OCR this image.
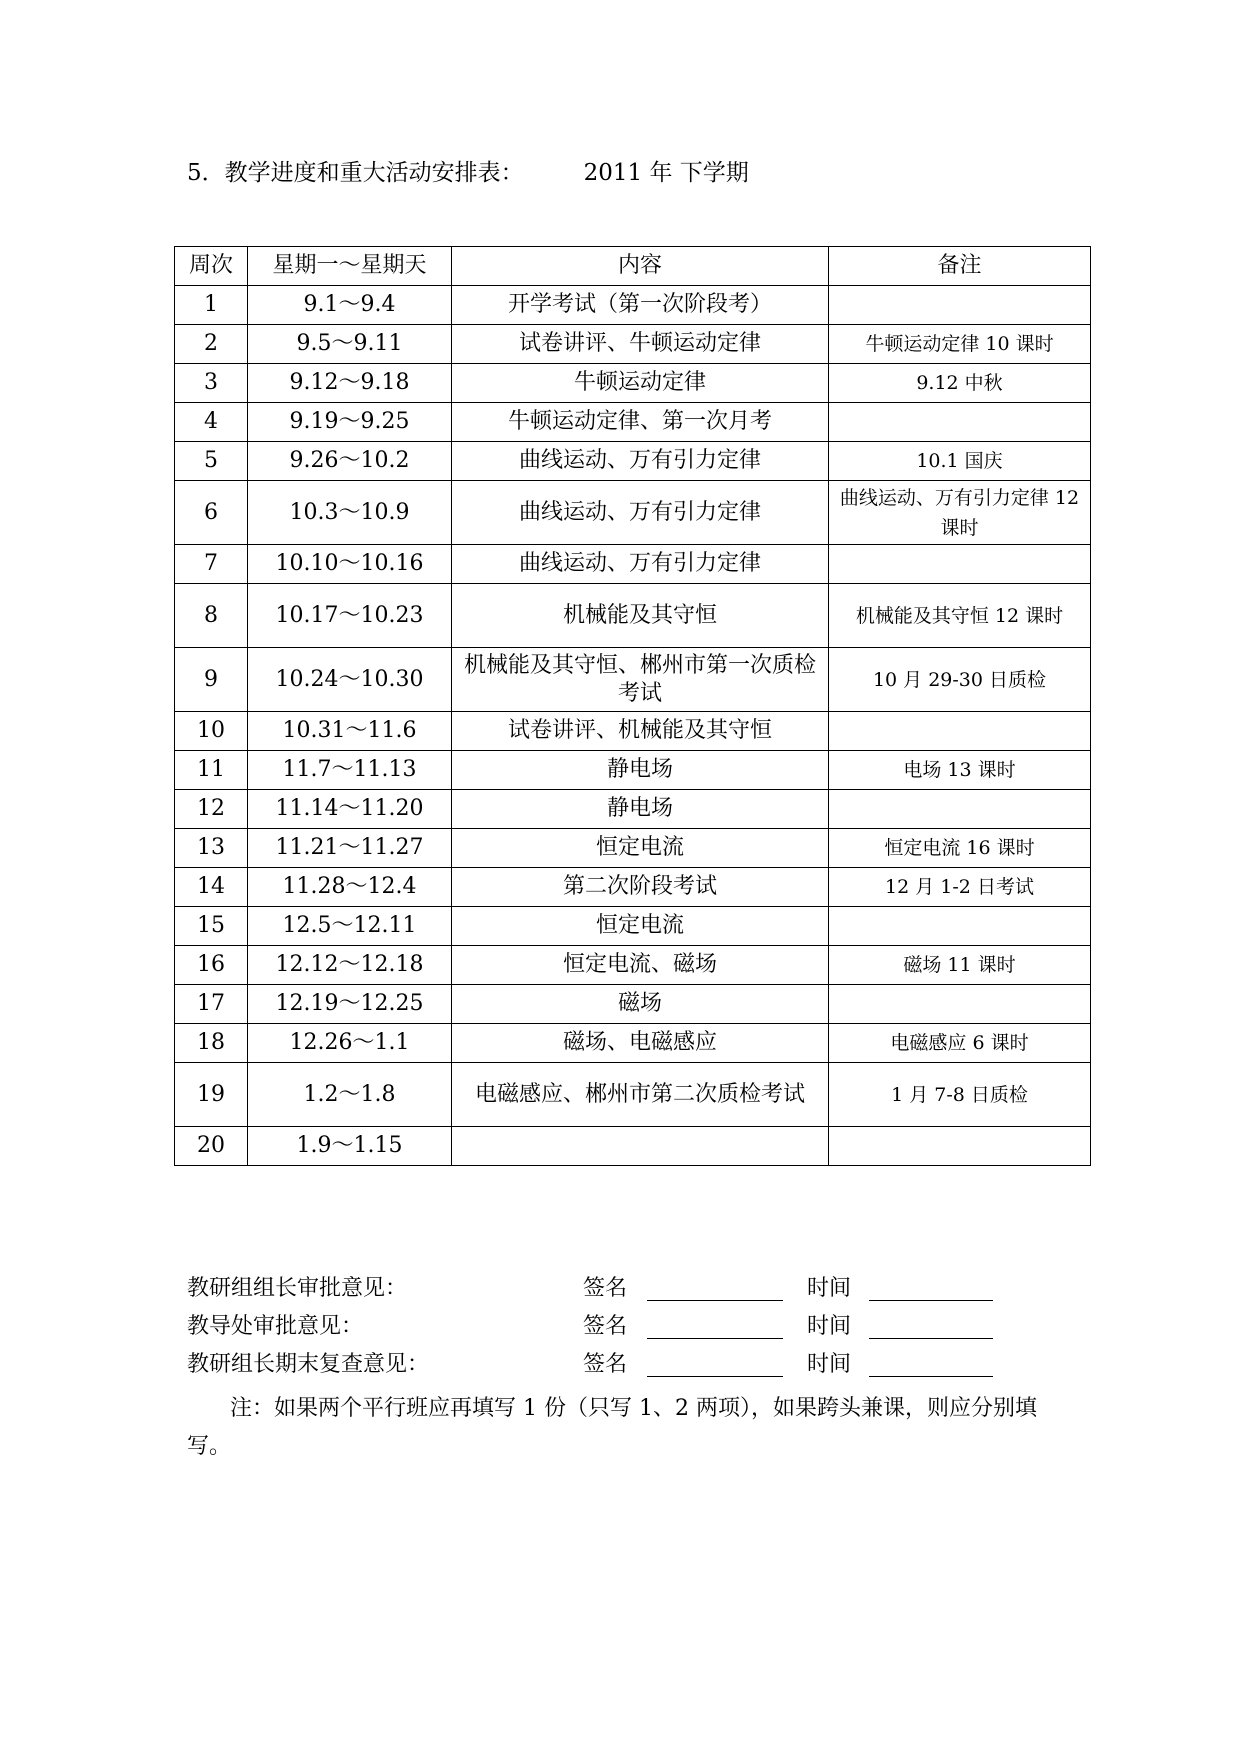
5．教学进度和重大活动安排表：	2011 年 下学期
周次	星期一～星期天	内容	备注
1	9.1～9.4	开学考试（第一次阶段考）	
2	9.5～9.11	试卷讲评、牛顿运动定律	牛顿运动定律 10 课时
3	9.12～9.18	牛顿运动定律	9.12 中秋
4	9.19～9.25	牛顿运动定律、第一次月考	
5	9.26～10.2	曲线运动、万有引力定律	10.1 国庆
6	10.3～10.9	曲线运动、万有引力定律	曲线运动、万有引力定律 12 课时
7	10.10～10.16	曲线运动、万有引力定律	
8	10.17～10.23	机械能及其守恒	机械能及其守恒 12 课时
9	10.24～10.30	机械能及其守恒、郴州市第一次质检考试	10 月 29-30 日质检
10	10.31～11.6	试卷讲评、机械能及其守恒	
11	11.7～11.13	静电场	电场 13 课时
12	11.14～11.20	静电场	
13	11.21～11.27	恒定电流	恒定电流 16 课时
14	11.28～12.4	第二次阶段考试	12 月 1-2 日考试
15	12.5～12.11	恒定电流	
16	12.12～12.18	恒定电流、磁场	磁场 11 课时
17	12.19～12.25	磁场	
18	12.26～1.1	磁场、电磁感应	电磁感应 6 课时
19	1.2～1.8	电磁感应、郴州市第二次质检考试	1 月 7-8 日质检
20	1.9～1.15		
教研组组长审批意见：	签名	时间
教导处审批意见：	签名	时间
教研组长期末复查意见：	签名	时间
注：如果两个平行班应再填写 1 份（只写 1、2 两项），如果跨头兼课，则应分别填写。
